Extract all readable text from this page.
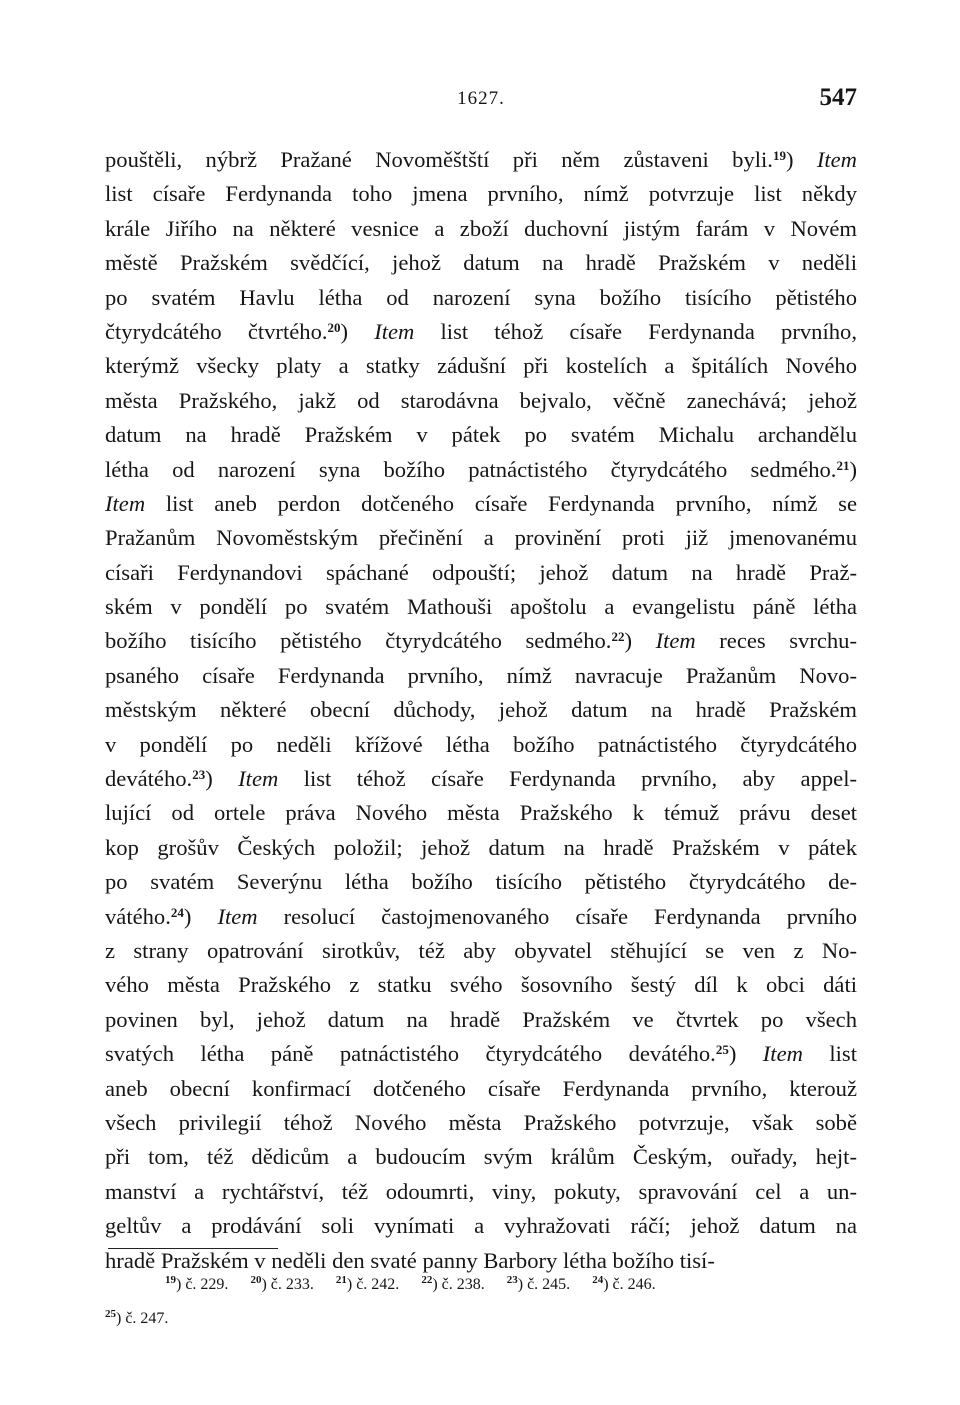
1627.	547
pouštěli, nýbrž Pražané Novoměštští při něm zůstaveni byli.$^{19}$) Item
list císaře Ferdynanda toho jmena prvního, nímž potvrzuje list někdy
krále Jiřího na některé vesnice a zboží duchovní jistým farám v Novém
městě Pražském svědčící, jehož datum na hradě Pražském v neděli
po svatém Havlu létha od narození syna božího tisícího pětistého
čtyrydcátého čtvrtého.$^{20}$) Item list téhož císaře Ferdynanda prvního,
kterýmž všecky platy a statky zádušní při kostelích a špitálích Nového
města Pražského, jakž od starodávna bejvalo, věčně zanechává; jehož
datum na hradě Pražském v pátek po svatém Michalu archandělu
létha od narození syna božího patnáctistého čtyrydcátého sedmého.$^{21}$)
Item list aneb perdon dotčeného císaře Ferdynanda prvního, nímž se
Pražanům Novoměstským přečinění a provinění proti již jmenovanému
císaři Ferdynandovi spáchané odpouští; jehož datum na hradě Praž-
ském v pondělí po svatém Mathouši apoštolu a evangelistu páně létha
božího tisícího pětistého čtyrydcátého sedmého.$^{22}$) Item reces svrchu-
psaného císaře Ferdynanda prvního, nímž navracuje Pražanům Novo-
městským některé obecní důchody, jehož datum na hradě Pražském
v pondělí po neděli křížové létha božího patnáctistého čtyrydcátého
devátého.$^{23}$) Item list téhož císaře Ferdynanda prvního, aby appel-
lující od ortele práva Nového města Pražského k témuž právu deset
kop grošův Českých položil; jehož datum na hradě Pražském v pátek
po svatém Severýnu létha božího tisícího pětistého čtyrydcátého de-
vátého.$^{24}$) Item resolucí častojmenovaného císaře Ferdynanda prvního
z strany opatrování sirotkův, též aby obyvatel stěhující se ven z No-
vého města Pražského z statku svého šosovního šestý díl k obci dáti
povinen byl, jehož datum na hradě Pražském ve čtvrtek po všech
svatých létha páně patnáctistého čtyrydcátého devátého.$^{25}$) Item list
aneb obecní konfirmací dotčeného císaře Ferdynanda prvního, kterouž
všech privilegií téhož Nového města Pražského potvrzuje, však sobě
při tom, též dědicům a budoucím svým králům Českým, ouřady, hejt-
manství a rychtářství, též odoumrti, viny, pokuty, spravování cel a un-
geltův a prodávání soli vynímati a vyhražovati ráčí; jehož datum na
hradě Pražském v neděli den svaté panny Barbory létha božího tisí-
$^{19}$) č. 229. $^{20}$) č. 233. $^{21}$) č. 242. $^{22}$) č. 238. $^{23}$) č. 245. $^{24}$) č. 246.
$^{25}$) č. 247.
